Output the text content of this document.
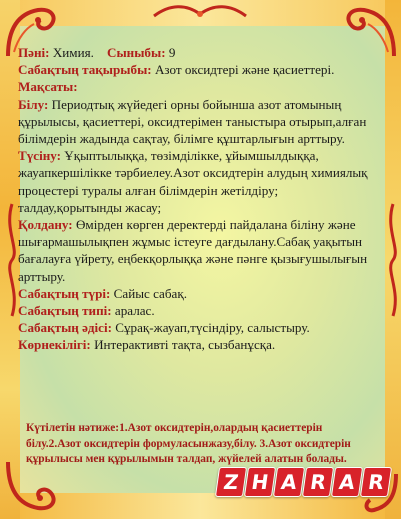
Пәні: Химия. Сыныбы: 9

Сабақтың тақырыбы: Азот оксидтері және қасиеттері.

Мақсаты:

Білу: Периодтық жүйедегі орны бойынша азот атомының құрылысы, қасиеттері, оксидтерімен таныстыра отырып,алған білімдерін жадында сақтау, білімге құштарлығын арттыру.

Түсіну: Ұқыптылыққа, төзімділікке, ұйымшылдыққа, жауапкершілікке тәрбиелеу.Азот оксидтерін алудың химиялық процестері туралы алған білімдерін жетілдіру; талдау,қорытынды жасау;

Қолдану: Өмірден көрген деректерді пайдалана біліну және шығармашылықпен жұмыс істеуге дағдылану.Сабақ уақытын бағалауға үйрету, еңбекқорлыққа және пәнге қызығушылығын арттыру.

Сабақтың түрі: Сайыс сабақ.

Сабақтың типі: аралас.

Сабақтың әдісі: Сұрақ-жауап,түсіндіру, салыстыру.

Көрнекілігі: Интерактивті тақта, сызбанұсқа.

Күтілетін нәтиже:1.Азот оксидтерін,олардың қасиеттерін білу.2.Азот оксидтерін формуласынжазу,білу. 3.Азот оксидтерін құрылысы мен құрылымын талдап, жүйелей алатын болады.
Z H A R A R
